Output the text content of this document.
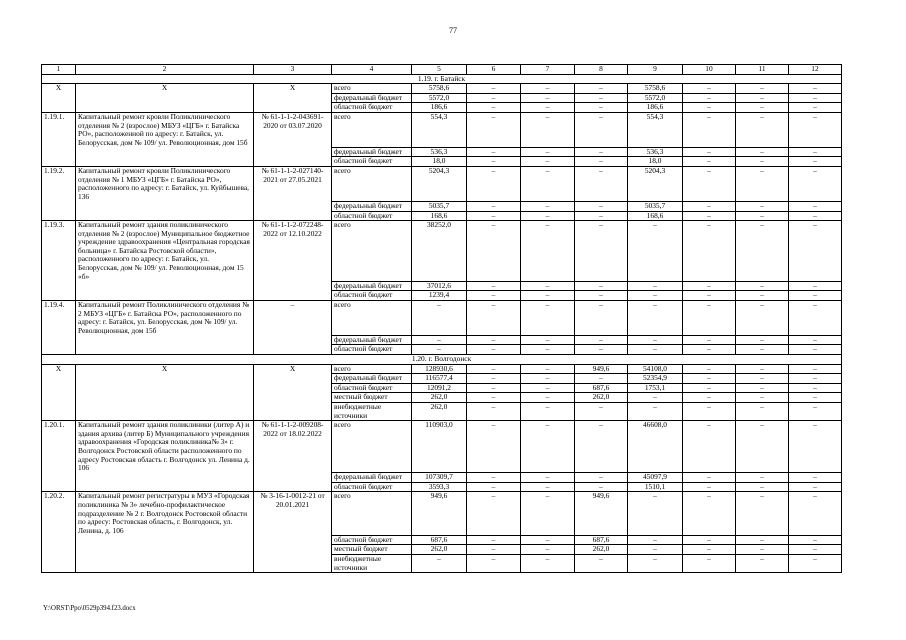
77
1	2	3	4	5	6	7	8	9	10	11	12
1.19. г. Батайск											
Х	Х	Х	всего	5758,6	–	–	–	5758,6	–	–	–
			федеральный бюджет	5572,0	–	–	–	5572,0	–	–	–
			областной бюджет	186,6	–	–	–	186,6	–	–	–
1.19.1.	Капитальный ремонт кровли Поликлинического отделения № 2 (взрослое) МБУЗ «ЦГБ» г. Батайска РО», расположенной по адресу: г. Батайск, ул. Белорусская, дом № 109/ ул. Революционная, дом 15б	№ 61-1-1-2-043691-2020 от 03.07.2020	всего	554,3	–	–	–	554,3	–	–	–
			федеральный бюджет	536,3	–	–	–	536,3	–	–	–
			областной бюджет	18,0	–	–	–	18,0	–	–	–
1.19.2.	Капитальный ремонт кровли Поликлинического отделения № 1 МБУЗ «ЦГБ» г. Батайска РО», расположенного по адресу: г. Батайск, ул. Куйбышева, 136	№ 61-1-1-2-027140-2021 от 27.05.2021	всего	5204,3	–	–	–	5204,3	–	–	–
			федеральный бюджет	5035,7	–	–	–	5035,7	–	–	–
			областной бюджет	168,6	–	–	–	168,6	–	–	–
1.19.3.	Капитальный ремонт здания поликлинического отделения № 2 (взрослое) Муниципальное бюджетное учреждение здравоохранения «Центральная городская больница» г. Батайска Ростовской области», расположенного по адресу: г. Батайск, ул. Белорусская, дом № 109/ ул. Революционная, дом 15 «б»	№ 61-1-1-2-072248-2022 от 12.10.2022	всего	38252,0	–	–	–	–	–	–	–
			федеральный бюджет	37012,6	–	–	–	–	–	–	–
			областной бюджет	1239,4	–	–	–	–	–	–	–
1.19.4.	Капитальный ремонт Поликлинического отделения № 2 МБУЗ «ЦГБ» г. Батайска РО», расположенного по адресу: г. Батайск, ул. Белорусская, дом № 109/ ул. Революционная, дом 15б	–	всего	–	–	–	–	–	–	–	–
			федеральный бюджет	–	–	–	–	–	–	–	–
			областной бюджет	–	–	–	–	–	–	–	–
1.20. г. Волгодонск											
Х	Х	Х	всего	128930,6	–	–	949,6	54108,0	–	–	–
			федеральный бюджет	116577,4	–	–	–	52354,9	–	–	–
			областной бюджет	12091,2	–	–	687,6	1753,1	–	–	–
			местный бюджет	262,0	–	–	262,0	–	–	–	–
			внебюджетные источники	262,0	–	–	–	–	–	–	–
1.20.1.	Капитальный ремонт здания поликлиники (литер А) и здания архива (литер Б) Муниципального учреждения здравоохранения «Городская поликлиника№ 3» г. Волгодонск Ростовской области расположенного по адресу Ростовская область г. Волгодонск ул. Ленина д. 106	№ 61-1-1-2-009208-2022 от 18.02.2022	всего	110903,0	–	–	–	46608,0	–	–	–
			федеральный бюджет	107309,7	–	–	–	45097,9	–	–	–
			областной бюджет	3593,3	–	–	–	1510,1	–	–	–
1.20.2.	Капитальный ремонт регистратуры в МУЗ «Городская поликлиника № 3» лечебно-профилактическое подразделение № 2 г. Волгодонск Ростовской области по адресу: Ростовская область, г. Волгодонск, ул. Ленина, д. 106	№ 3-16-1-0012-21 от 20.01.2021	всего	949,6	–	–	949,6	–	–	–	–
			областной бюджет	687,6	–	–	687,6	–	–	–	–
			местный бюджет	262,0	–	–	262,0	–	–	–	–
			внебюджетные источники	–	–	–	–	–	–	–	–
Y:\ORST\Ppo\0529p394.f23.docx
